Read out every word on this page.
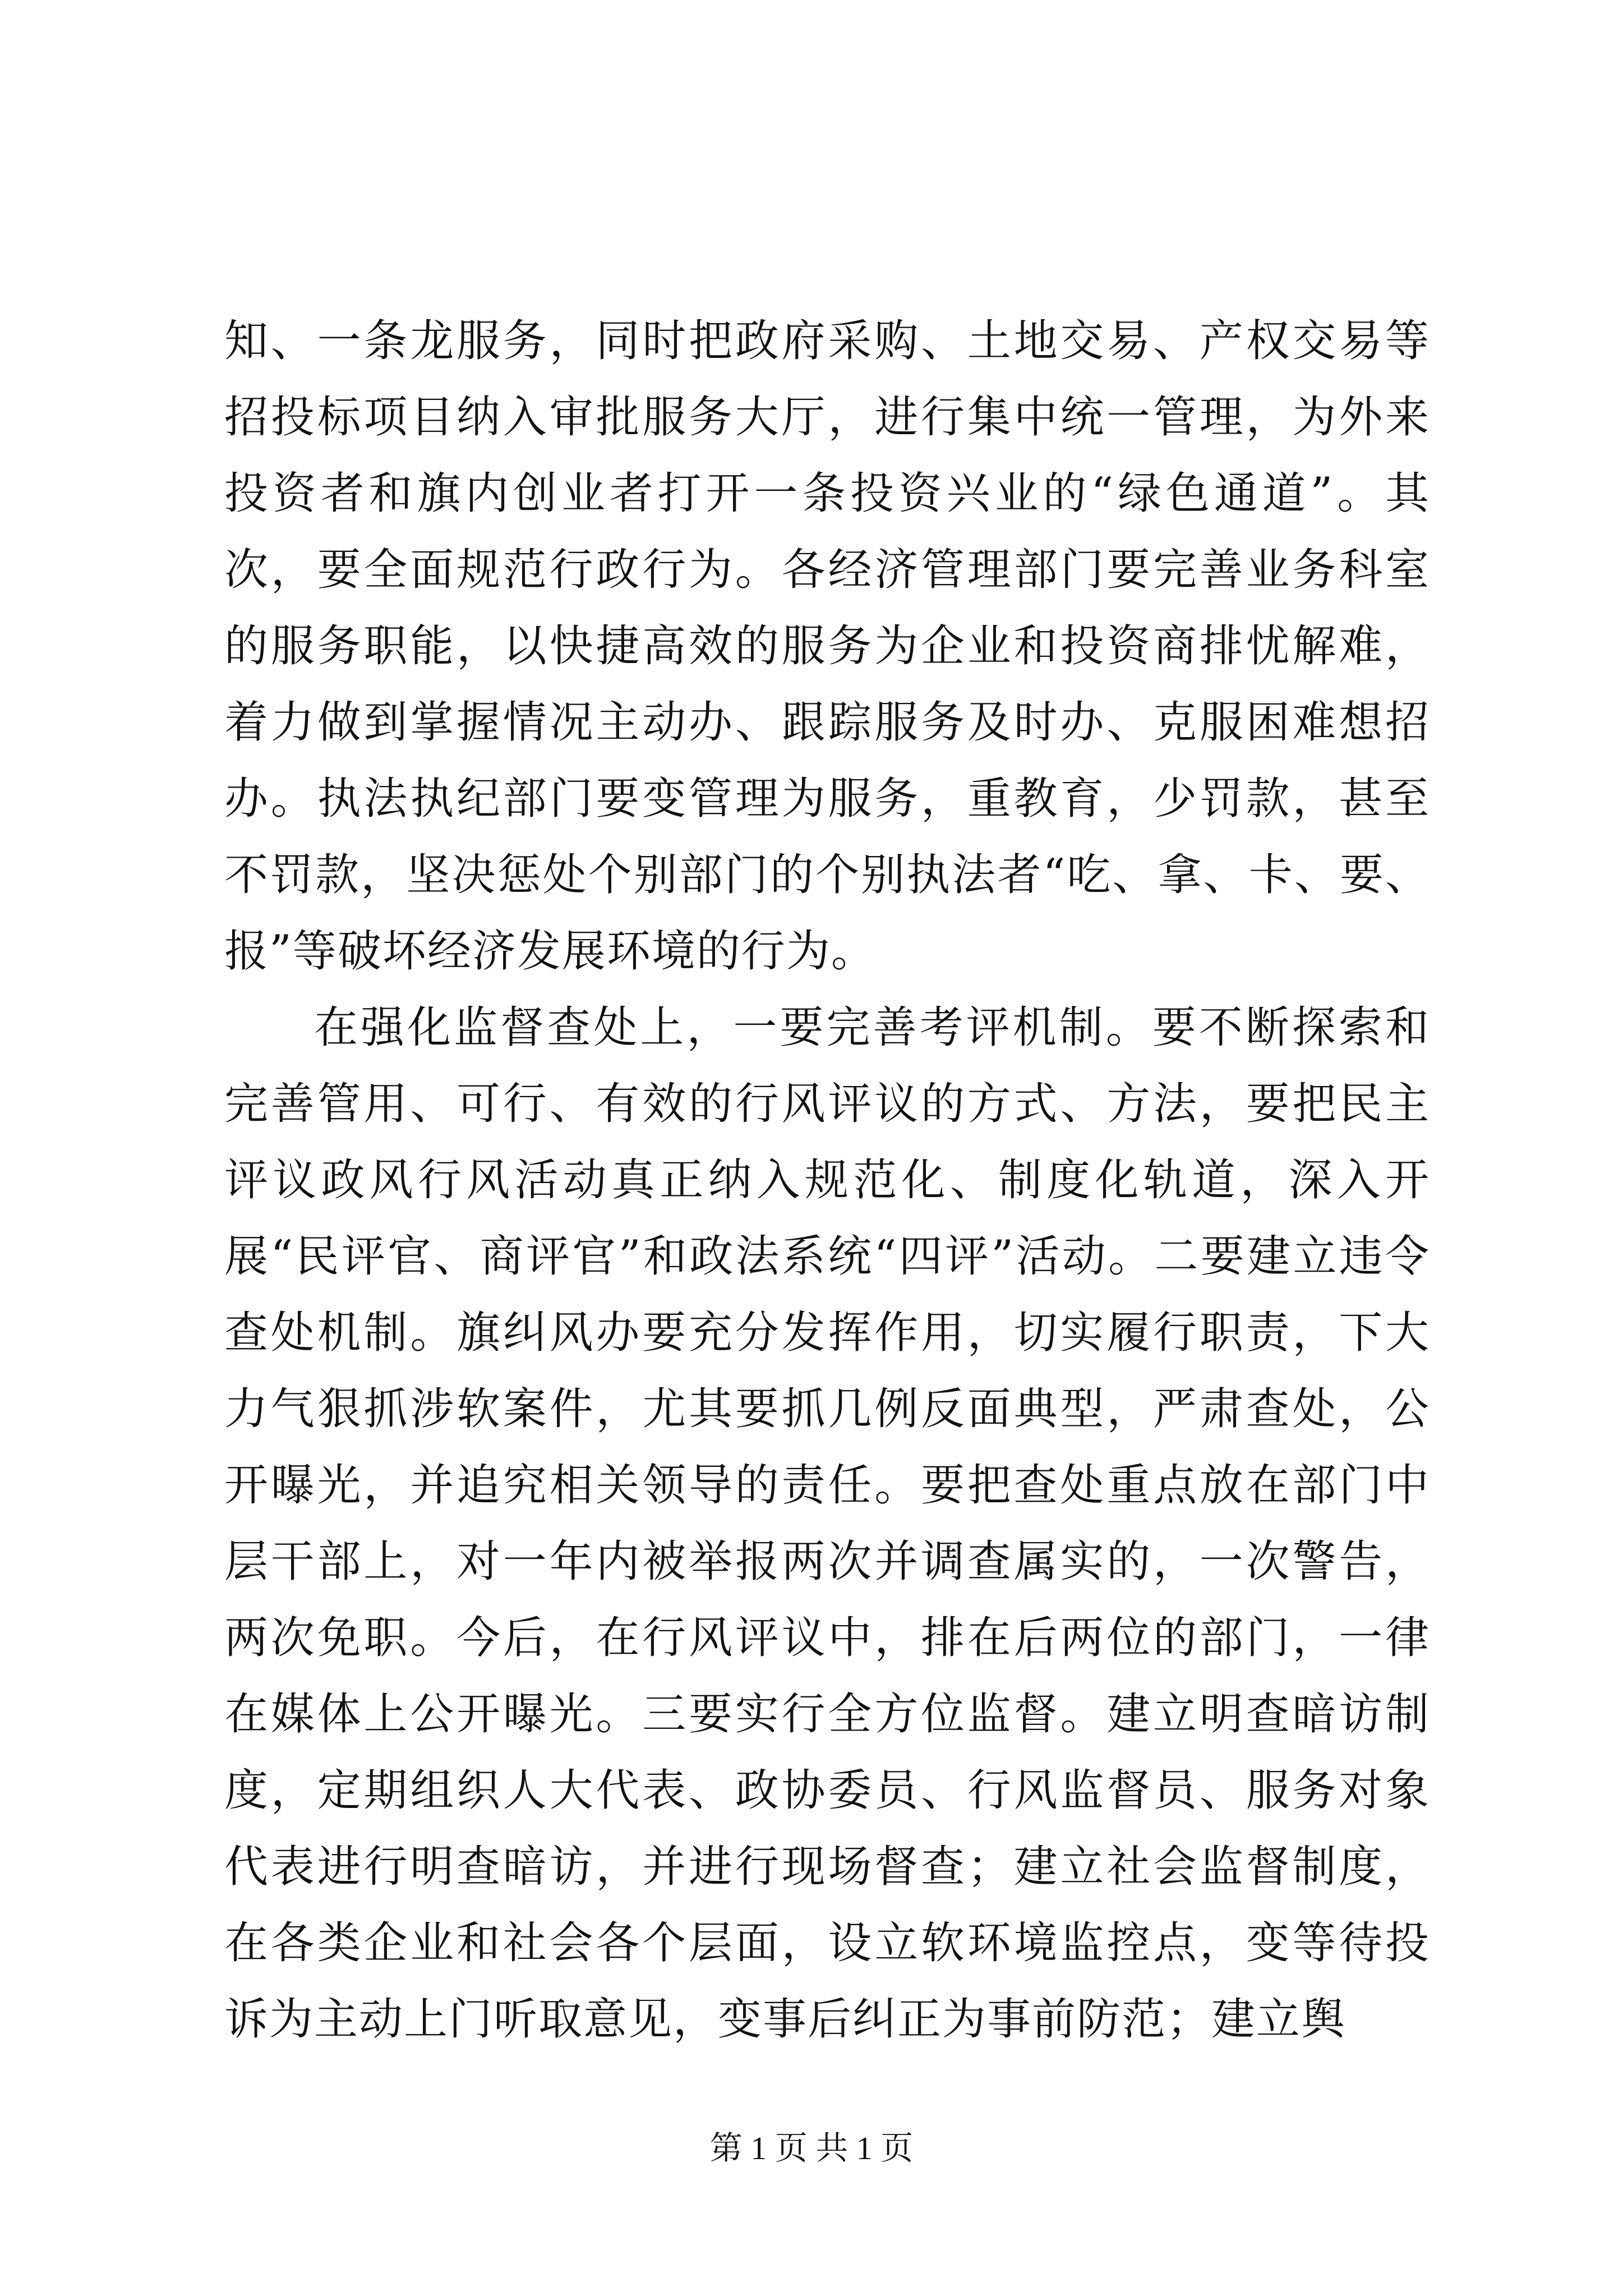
知、一条龙服务，同时把政府采购、土地交易、产权交易等招投标项目纳入审批服务大厅，进行集中统一管理，为外来投资者和旗内创业者打开一条投资兴业的“绿色通道”。其次，要全面规范行政行为。各经济管理部门要完善业务科室的服务职能，以快捷高效的服务为企业和投资商排忧解难，着力做到掌握情况主动办、跟踪服务及时办、克服困难想招办。执法执纪部门要变管理为服务，重教育，少罚款，甚至不罚款，坚决惩处个别部门的个别执法者“吃、拿、卡、要、报”等破坏经济发展环境的行为。

在强化监督查处上，一要完善考评机制。要不断探索和完善管用、可行、有效的行风评议的方式、方法，要把民主评议政风行风活动真正纳入规范化、制度化轨道，深入开展“民评官、商评官”和政法系统“四评”活动。二要建立违令查处机制。旗纠风办要充分发挥作用，切实履行职责，下大力气狠抓涉软案件，尤其要抓几例反面典型，严肃查处，公开曝光，并追究相关领导的责任。要把查处重点放在部门中层干部上，对一年内被举报两次并调查属实的，一次警告，两次免职。今后，在行风评议中，排在后两位的部门，一律在媒体上公开曝光。三要实行全方位监督。建立明查暗访制度，定期组织人大代表、政协委员、行风监督员、服务对象代表进行明查暗访，并进行现场督查；建立社会监督制度，在各类企业和社会各个层面，设立软环境监控点，变等待投诉为主动上门听取意见，变事后纠正为事前防范；建立舆

第 1 页 共 1 页
